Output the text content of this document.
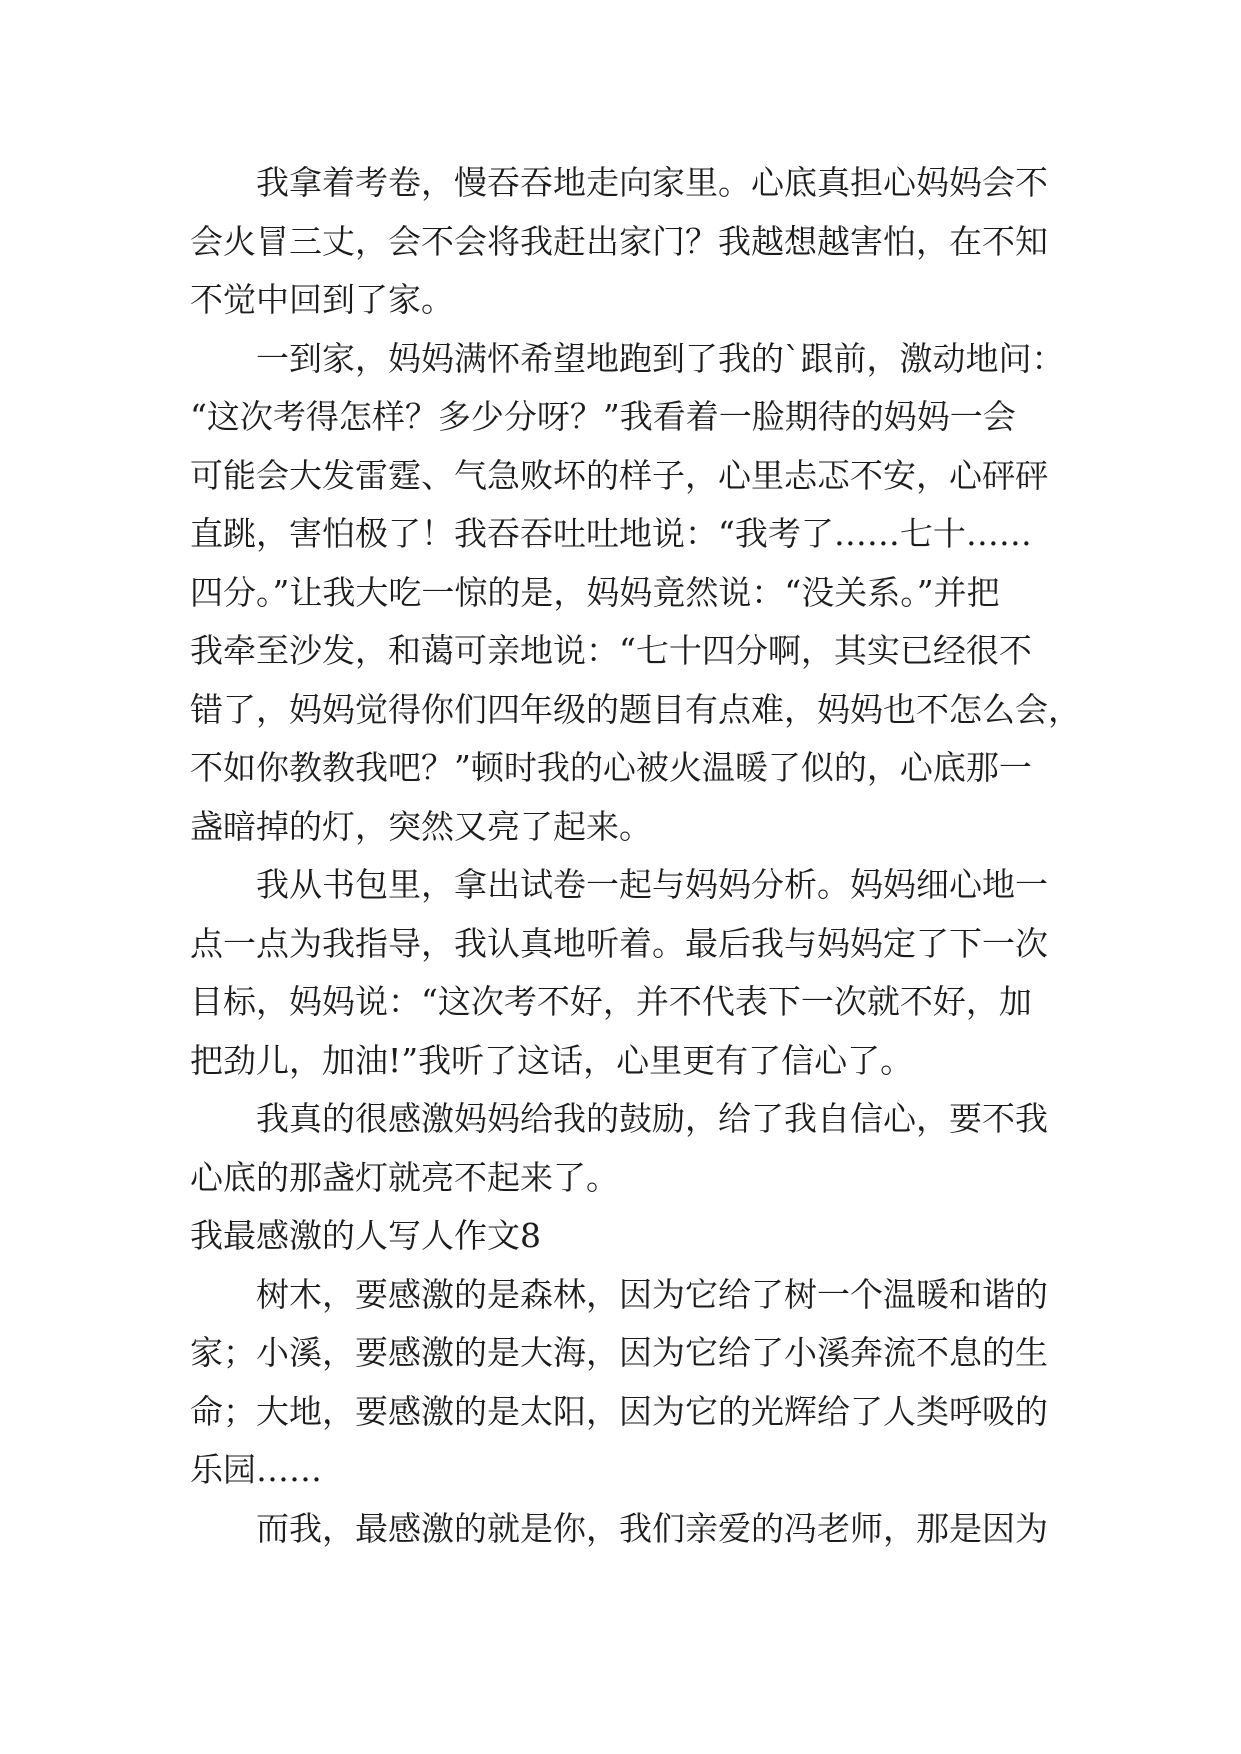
我拿着考卷，慢吞吞地走向家里。心底真担心妈妈会不
会火冒三丈，会不会将我赶出家门？我越想越害怕，在不知
不觉中回到了家。
一到家，妈妈满怀希望地跑到了我的`跟前，激动地问：
“这次考得怎样？多少分呀？”我看着一脸期待的妈妈一会
可能会大发雷霆、气急败坏的样子，心里忐忑不安，心砰砰
直跳，害怕极了！我吞吞吐吐地说：“我考了……七十……
四分。”让我大吃一惊的是，妈妈竟然说：“没关系。”并把
我牵至沙发，和蔼可亲地说：“七十四分啊，其实已经很不
错了，妈妈觉得你们四年级的题目有点难，妈妈也不怎么会，
不如你教教我吧？”顿时我的心被火温暖了似的，心底那一
盏暗掉的灯，突然又亮了起来。
我从书包里，拿出试卷一起与妈妈分析。妈妈细心地一
点一点为我指导，我认真地听着。最后我与妈妈定了下一次
目标，妈妈说：“这次考不好，并不代表下一次就不好，加
把劲儿，加油!”我听了这话，心里更有了信心了。
我真的很感激妈妈给我的鼓励，给了我自信心，要不我
心底的那盏灯就亮不起来了。
我最感激的人写人作文8
树木，要感激的是森林，因为它给了树一个温暖和谐的
家；小溪，要感激的是大海，因为它给了小溪奔流不息的生
命；大地，要感激的是太阳，因为它的光辉给了人类呼吸的
乐园……
而我，最感激的就是你，我们亲爱的冯老师，那是因为
